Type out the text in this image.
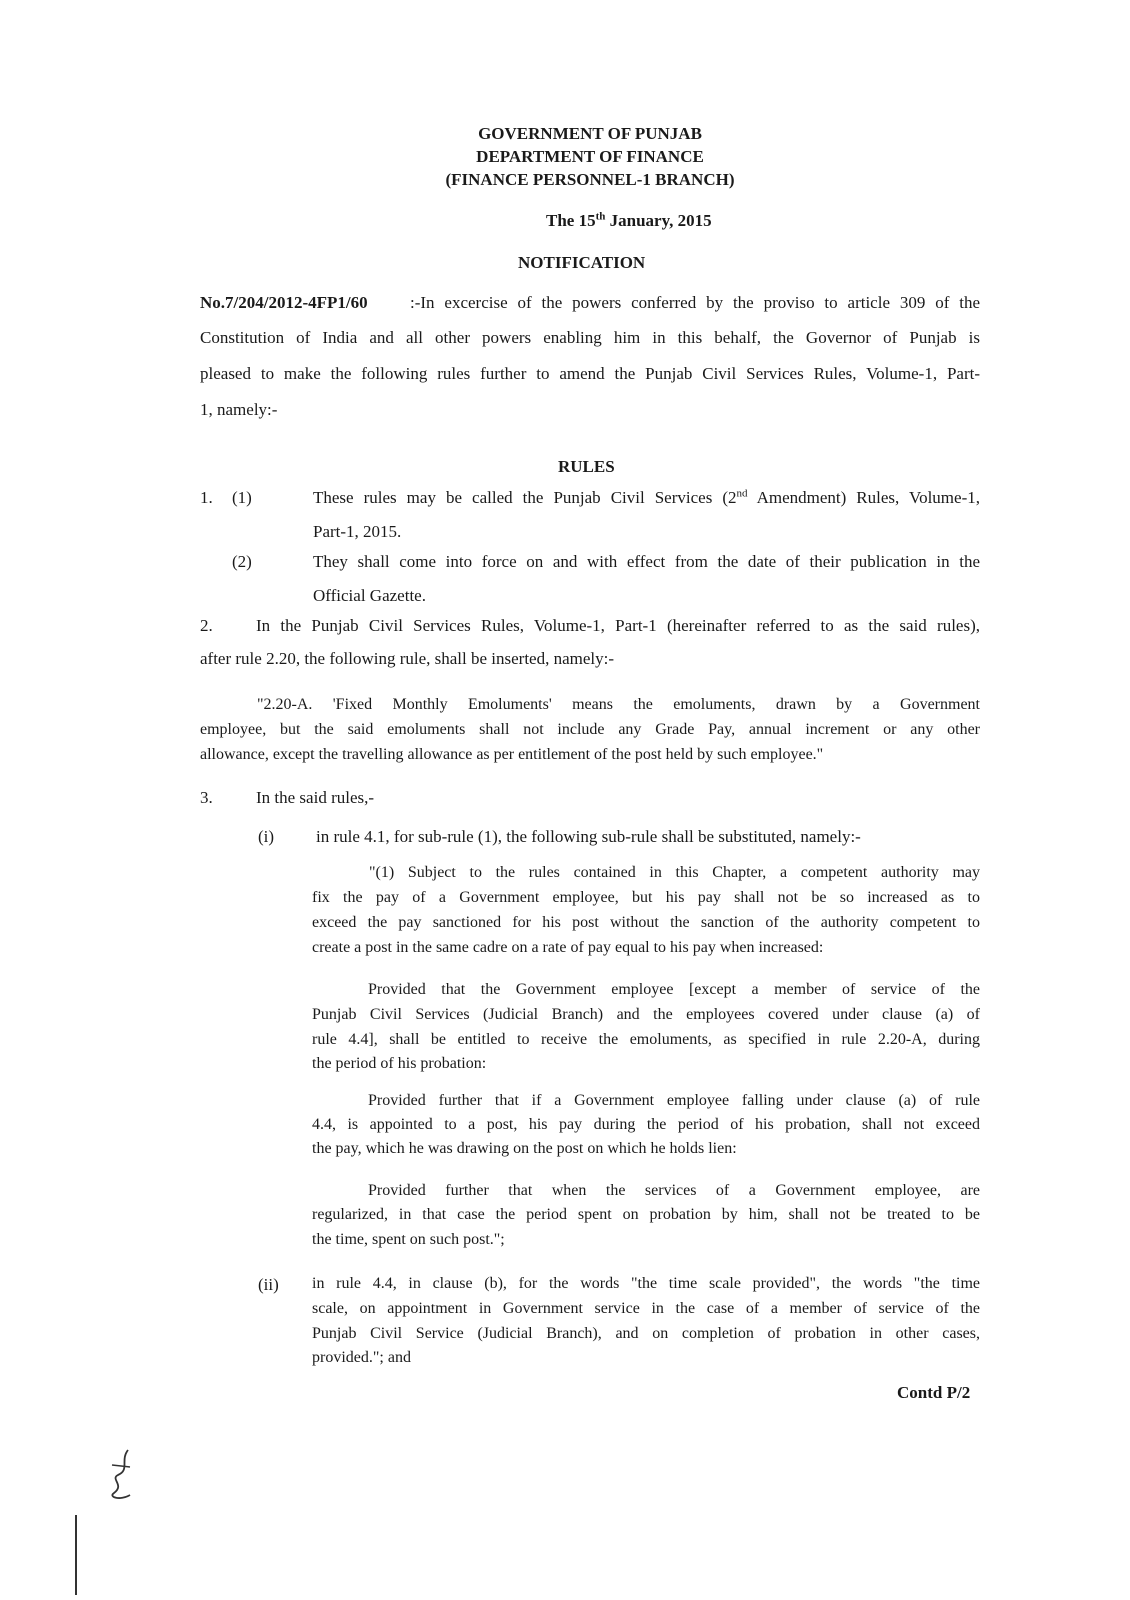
GOVERNMENT OF PUNJAB
DEPARTMENT OF FINANCE
(FINANCE PERSONNEL-1 BRANCH)
The 15th January, 2015
NOTIFICATION
No.7/204/2012-4FP1/60 :-In excercise of the powers conferred by the proviso to article 309 of the
Constitution of India and all other powers enabling him in this behalf, the Governor of Punjab is
pleased to make the following rules further to amend the Punjab Civil Services Rules, Volume-1, Part-
1, namely:-
RULES
1. (1)	These rules may be called the Punjab Civil Services (2nd Amendment) Rules, Volume-1,
Part-1, 2015.
(2)	They shall come into force on and with effect from the date of their publication in the
Official Gazette.
2.	In the Punjab Civil Services Rules, Volume-1, Part-1 (hereinafter referred to as the said rules),
after rule 2.20, the following rule, shall be inserted, namely:-
"2.20-A. 'Fixed Monthly Emoluments' means the emoluments, drawn by a Government
employee, but the said emoluments shall not include any Grade Pay, annual increment or any other
allowance, except the travelling allowance as per entitlement of the post held by such employee."
3.	In the said rules,-
(i) in rule 4.1, for sub-rule (1), the following sub-rule shall be substituted, namely:-
"(1) Subject to the rules contained in this Chapter, a competent authority may
fix the pay of a Government employee, but his pay shall not be so increased as to
exceed the pay sanctioned for his post without the sanction of the authority competent to
create a post in the same cadre on a rate of pay equal to his pay when increased:
Provided that the Government employee [except a member of service of the
Punjab Civil Services (Judicial Branch) and the employees covered under clause (a) of
rule 4.4], shall be entitled to receive the emoluments, as specified in rule 2.20-A, during
the period of his probation:
Provided further that if a Government employee falling under clause (a) of rule
4.4, is appointed to a post, his pay during the period of his probation, shall not exceed
the pay, which he was drawing on the post on which he holds lien:
Provided further that when the services of a Government employee, are
regularized, in that case the period spent on probation by him, shall not be treated to be
the time, spent on such post.";
(ii) in rule 4.4, in clause (b), for the words "the time scale provided", the words "the time
scale, on appointment in Government service in the case of a member of service of the
Punjab Civil Service (Judicial Branch), and on completion of probation in other cases,
provided."; and
Contd P/2
